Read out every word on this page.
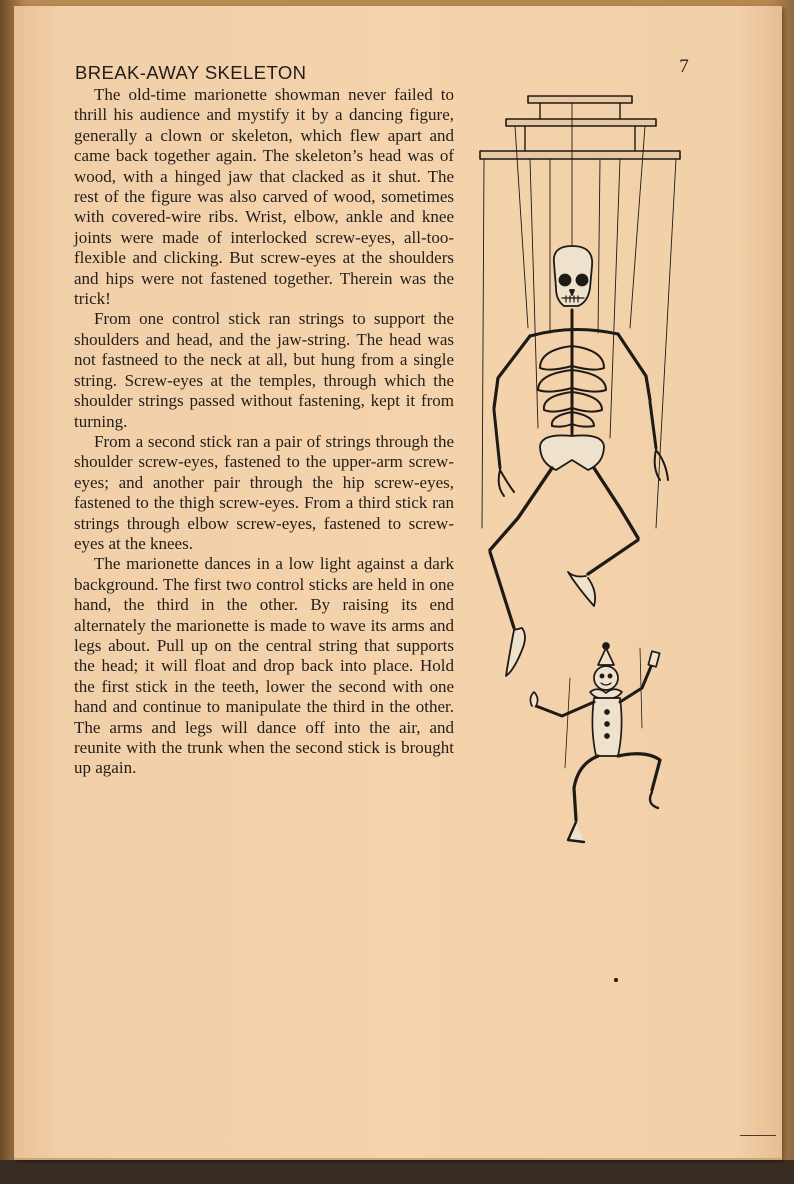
BREAK-AWAY SKELETON	7

The old-time marionette showman never failed to thrill his audience and mystify it by a dancing figure, generally a clown or skeleton, which flew apart and came back together again. The skeleton’s head was of wood, with a hinged jaw that clacked as it shut. The rest of the figure was also carved of wood, sometimes with covered-wire ribs. Wrist, elbow, ankle and knee joints were made of interlocked screw-eyes, all-too-flexible and clicking. But screw-eyes at the shoulders and hips were not fastened together. Therein was the trick!

From one control stick ran strings to support the shoulders and head, and the jaw-string. The head was not fastneed to the neck at all, but hung from a single string. Screw-eyes at the temples, through which the shoulder strings passed without fastening, kept it from turning.

From a second stick ran a pair of strings through the shoulder screw-eyes, fastened to the upper-arm screw-eyes; and another pair through the hip screw-eyes, fastened to the thigh screw-eyes. From a third stick ran strings through elbow screw-eyes, fastened to screw-eyes at the knees.

The marionette dances in a low light against a dark background. The first two control sticks are held in one hand, the third in the other. By raising its end alternately the marionette is made to wave its arms and legs about. Pull up on the central string that supports the head; it will float and drop back into place. Hold the first stick in the teeth, lower the second with one hand and continue to manipulate the third in the other. The arms and legs will dance off into the air, and reunite with the trunk when the second stick is brought up again.
